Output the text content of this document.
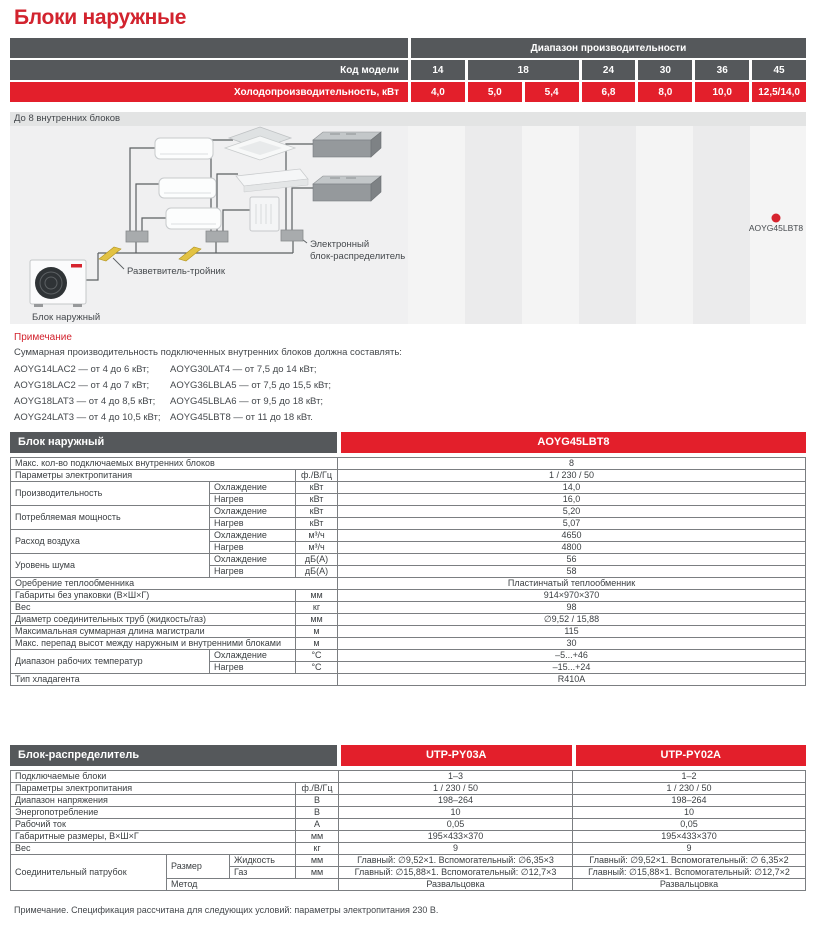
Блоки наружные
Диапазон производительности
Код модели	14	18	24	30	36	45
Холодопроизводительность, кВт	4,0	5,0	5,4	6,8	8,0	10,0	12,5/14,0
До 8 внутренних блоков
AOYG45LBT8
Разветвитель-тройник
Электронный
блок-распределитель
Блок наружный
Примечание
Суммарная производительность подключенных внутренних блоков должна составлять:
AOYG14LAC2 — от 4 до 6 кВт;	AOYG30LAT4 — от 7,5 до 14 кВт;
AOYG18LAC2 — от 4 до 7 кВт;	AOYG36LBLA5 — от 7,5 до 15,5 кВт;
AOYG18LAT3 — от 4 до 8,5 кВт;	AOYG45LBLA6 — от 9,5 до 18 кВт;
AOYG24LAT3 — от 4 до 10,5 кВт; AOYG45LBT8 — от 11 до 18 кВт.
Блок наружный	AOYG45LBT8
Макс. кол-во подключаемых внутренних блоков			8
Параметры электропитания		ф./В/Гц	1 / 230 / 50
Производительность	Охлаждение	кВт	14,0
	Нагрев	кВт	16,0
Потребляемая мощность	Охлаждение	кВт	5,20
	Нагрев	кВт	5,07
Расход воздуха	Охлаждение	м³/ч	4650
	Нагрев	м³/ч	4800
Уровень шума	Охлаждение	дБ(А)	56
	Нагрев	дБ(А)	58
Оребрение теплообменника			Пластинчатый теплообменник
Габариты без упаковки (В×Ш×Г)		мм	914×970×370
Вес		кг	98
Диаметр соединительных труб (жидкость/газ)		мм	∅9,52 / 15,88
Максимальная суммарная длина магистрали		м	115
Макс. перепад высот между наружным и внутренними блоками		м	30
Диапазон рабочих температур	Охлаждение	°С	–5...+46
	Нагрев	°С	–15...+24
Тип хладагента			R410A
Блок-распределитель	UTP-PY03A	UTP-PY02A
Подключаемые блоки				1–3	1–2
Параметры электропитания			ф./В/Гц	1 / 230 / 50	1 / 230 / 50
Диапазон напряжения			В	198–264	198–264
Энергопотребление			В	10	10
Рабочий ток			А	0,05	0,05
Габаритные размеры, В×Ш×Г			мм	195×433×370	195×433×370
Вес			кг	9	9
Соединительный патрубок	Размер	Жидкость	мм	Главный: ∅9,52×1. Вспомогательный: ∅6,35×3	Главный: ∅9,52×1. Вспомогательный: ∅ 6,35×2
		Газ	мм	Главный: ∅15,88×1. Вспомогательный: ∅12,7×3	Главный: ∅15,88×1. Вспомогательный: ∅12,7×2
	Метод			Развальцовка	Развальцовка
Примечание. Спецификация рассчитана для следующих условий: параметры электропитания 230 В.
